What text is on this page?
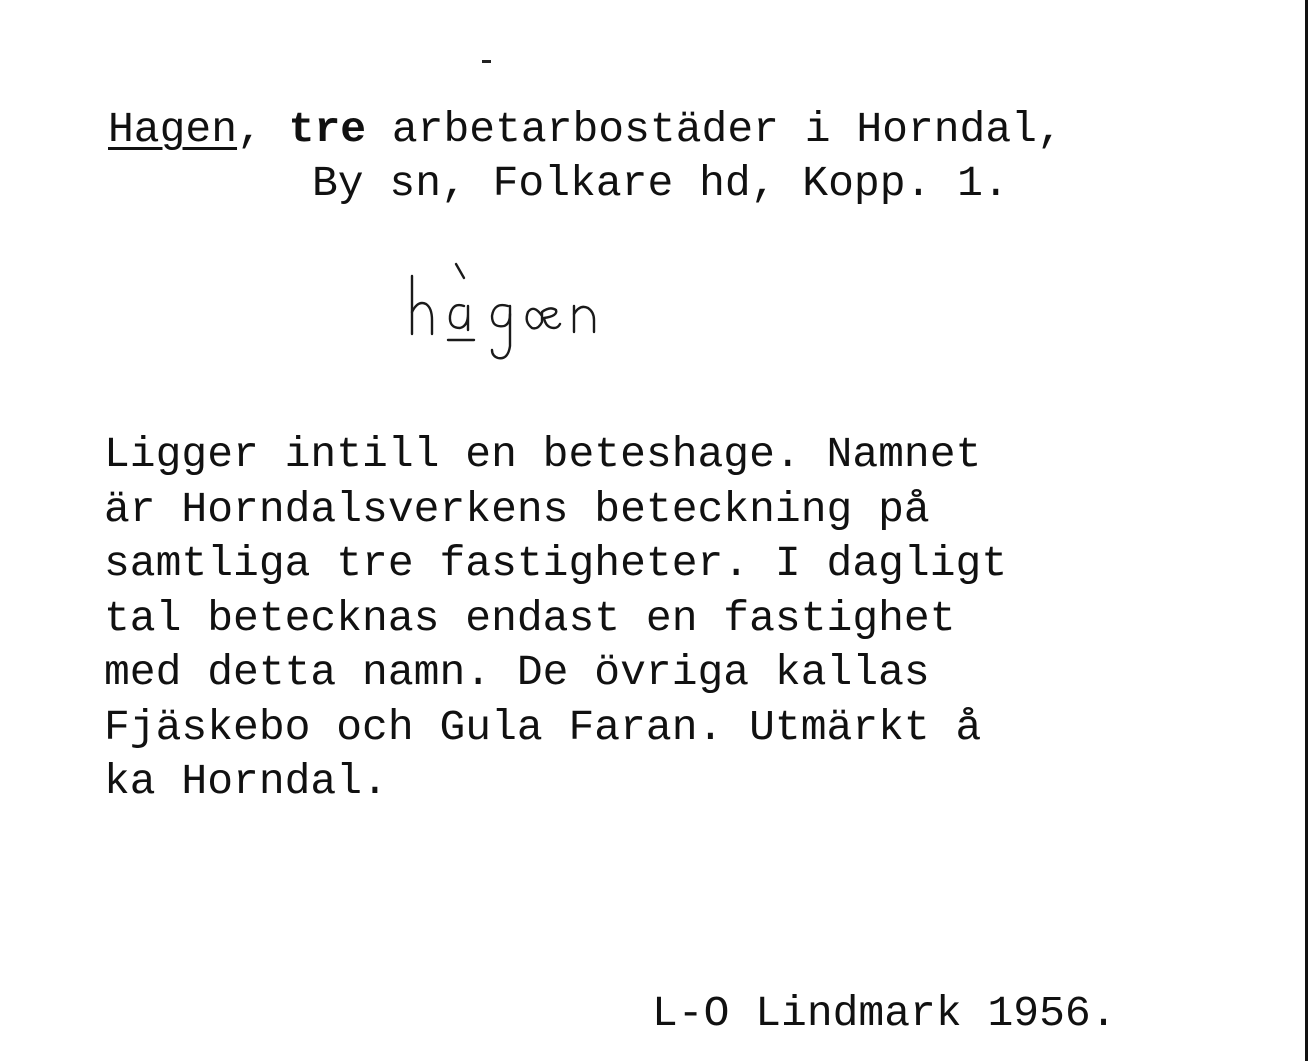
Hagen, tre arbetarbostäder i Horndal,
By sn, Folkare hd, Kopp. 1.
Ligger intill en beteshage. Namnet
är Horndalsverkens beteckning på
samtliga tre fastigheter. I dagligt
tal betecknas endast en fastighet
med detta namn. De övriga kallas
Fjäskebo och Gula Faran. Utmärkt å
ka Horndal.
L-O Lindmark 1956.
